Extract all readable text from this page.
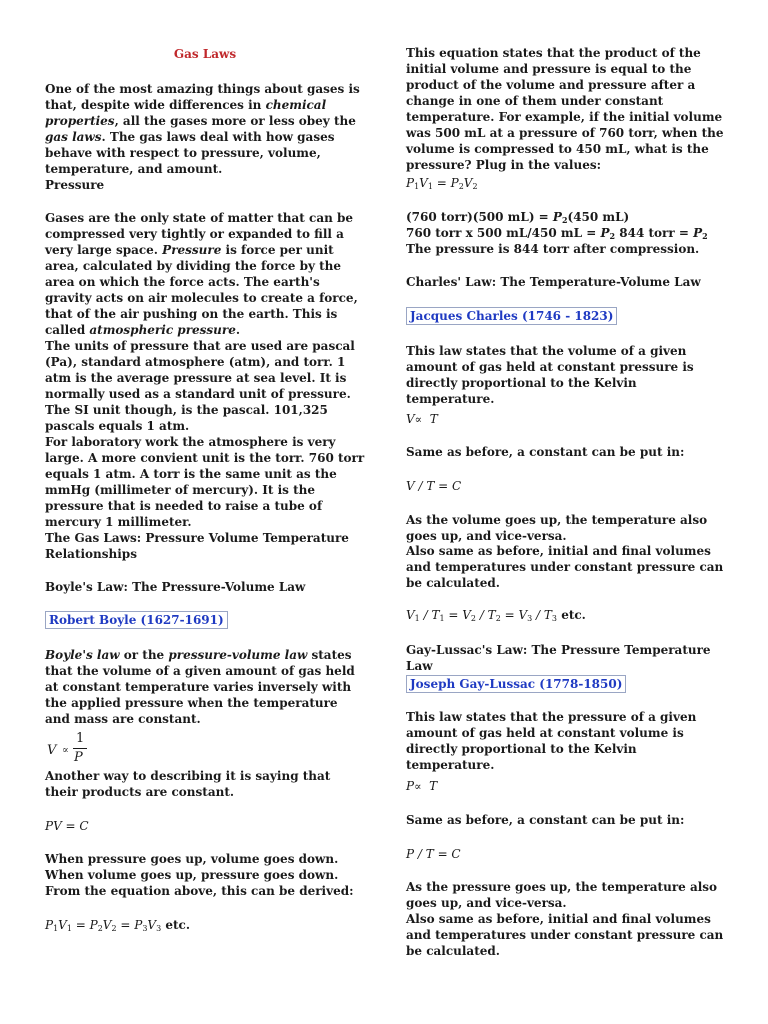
Gas Laws

One of the most amazing things about gases is that, despite wide differences in chemical properties, all the gases more or less obey the gas laws. The gas laws deal with how gases behave with respect to pressure, volume, temperature, and amount.

Pressure

Gases are the only state of matter that can be compressed very tightly or expanded to fill a very large space. Pressure is force per unit area, calculated by dividing the force by the area on which the force acts. The earth's gravity acts on air molecules to create a force, that of the air pushing on the earth. This is called atmospheric pressure.

The units of pressure that are used are pascal (Pa), standard atmosphere (atm), and torr. 1 atm is the average pressure at sea level. It is normally used as a standard unit of pressure. The SI unit though, is the pascal. 101,325 pascals equals 1 atm.

For laboratory work the atmosphere is very large. A more convient unit is the torr. 760 torr equals 1 atm. A torr is the same unit as the mmHg (millimeter of mercury). It is the pressure that is needed to raise a tube of mercury 1 millimeter.

The Gas Laws: Pressure Volume Temperature Relationships

Boyle's Law: The Pressure-Volume Law

Robert Boyle (1627-1691)

Boyle's law or the pressure-volume law states that the volume of a given amount of gas held at constant temperature varies inversely with the applied pressure when the temperature and mass are constant.

V ∝
1
P

Another way to describing it is saying that their products are constant.

PV = C

When pressure goes up, volume goes down. When volume goes up, pressure goes down.

From the equation above, this can be derived:

$P_1V_1 = P_2V_2 = P_3V_3$ etc.

This equation states that the product of the initial volume and pressure is equal to the product of the volume and pressure after a change in one of them under constant temperature. For example, if the initial volume was 500 mL at a pressure of 760 torr, when the volume is compressed to 450 mL, what is the pressure? Plug in the values:

$P_1V_1 = P_2V_2$

(760 torr)(500 $mL) = P_2(450$ mL)

760 torr x 500 mL/450 mL = $P_2$ 844 torr = $P_2$

The pressure is 844 torr after compression.

Charles' Law: The Temperature-Volume Law

Jacques Charles (1746 - 1823)

This law states that the volume of a given amount of gas held at constant pressure is directly proportional to the Kelvin temperature.

V∝ T

Same as before, a constant can be put in:

V / T = C

As the volume goes up, the temperature also goes up, and vice-versa.

Also same as before, initial and final volumes and temperatures under constant pressure can be calculated.

$V_1 / T_1 = V_2 / T_2 = V_3 / T_3$ etc.

Gay-Lussac's Law: The Pressure Temperature Law

Joseph Gay-Lussac (1778-1850)

This law states that the pressure of a given amount of gas held at constant volume is directly proportional to the Kelvin temperature.

P∝ T

Same as before, a constant can be put in:

P / T = C

As the pressure goes up, the temperature also goes up, and vice-versa.

Also same as before, initial and final volumes and temperatures under constant pressure can be calculated.
